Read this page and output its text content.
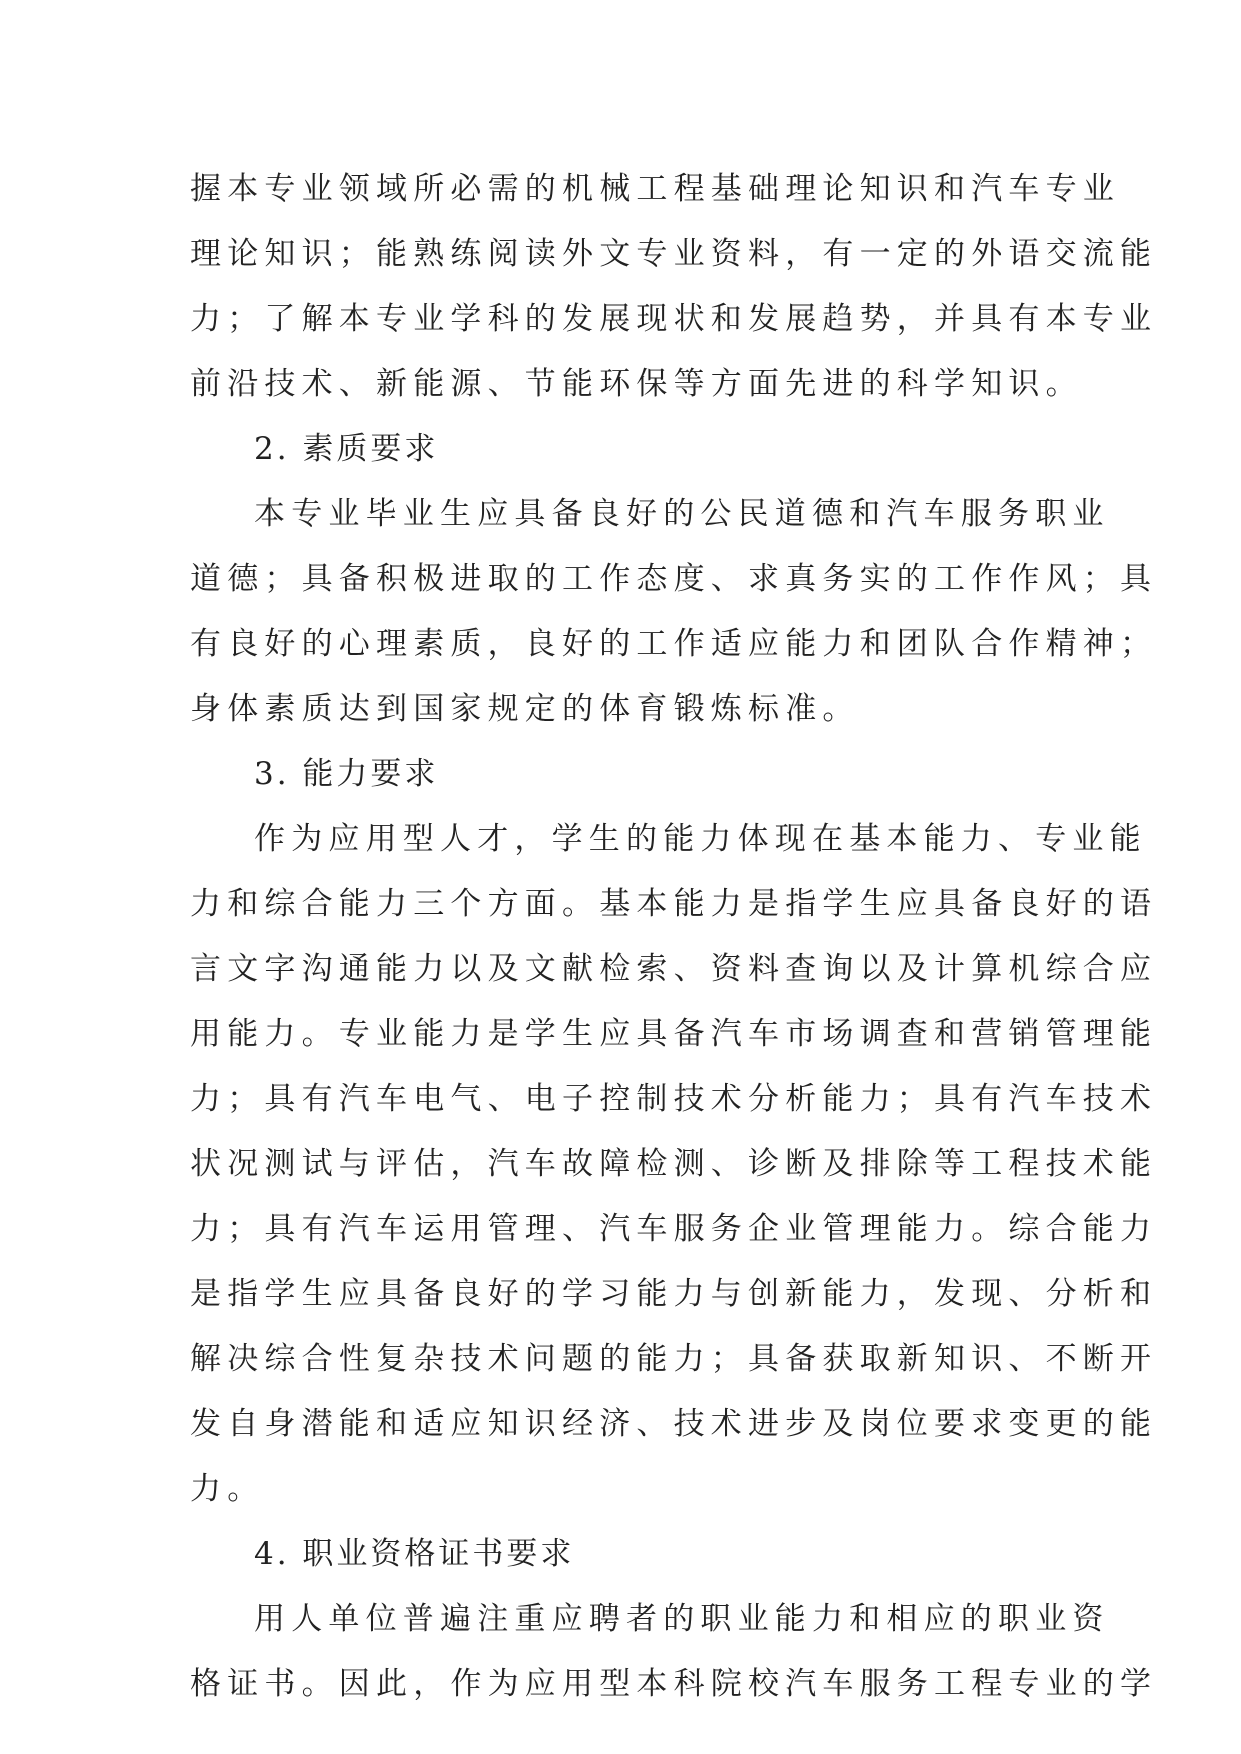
握本专业领域所必需的机械工程基础理论知识和汽车专业
理论知识；能熟练阅读外文专业资料，有一定的外语交流能
力；了解本专业学科的发展现状和发展趋势，并具有本专业
前沿技术、新能源、节能环保等方面先进的科学知识。
2. 素质要求
本专业毕业生应具备良好的公民道德和汽车服务职业
道德；具备积极进取的工作态度、求真务实的工作作风；具
有良好的心理素质，良好的工作适应能力和团队合作精神；
身体素质达到国家规定的体育锻炼标准。
3. 能力要求
作为应用型人才，学生的能力体现在基本能力、专业能
力和综合能力三个方面。基本能力是指学生应具备良好的语
言文字沟通能力以及文献检索、资料查询以及计算机综合应
用能力。专业能力是学生应具备汽车市场调查和营销管理能
力；具有汽车电气、电子控制技术分析能力；具有汽车技术
状况测试与评估，汽车故障检测、诊断及排除等工程技术能
力；具有汽车运用管理、汽车服务企业管理能力。综合能力
是指学生应具备良好的学习能力与创新能力，发现、分析和
解决综合性复杂技术问题的能力；具备获取新知识、不断开
发自身潜能和适应知识经济、技术进步及岗位要求变更的能
力。
4. 职业资格证书要求
用人单位普遍注重应聘者的职业能力和相应的职业资
格证书。因此，作为应用型本科院校汽车服务工程专业的学
